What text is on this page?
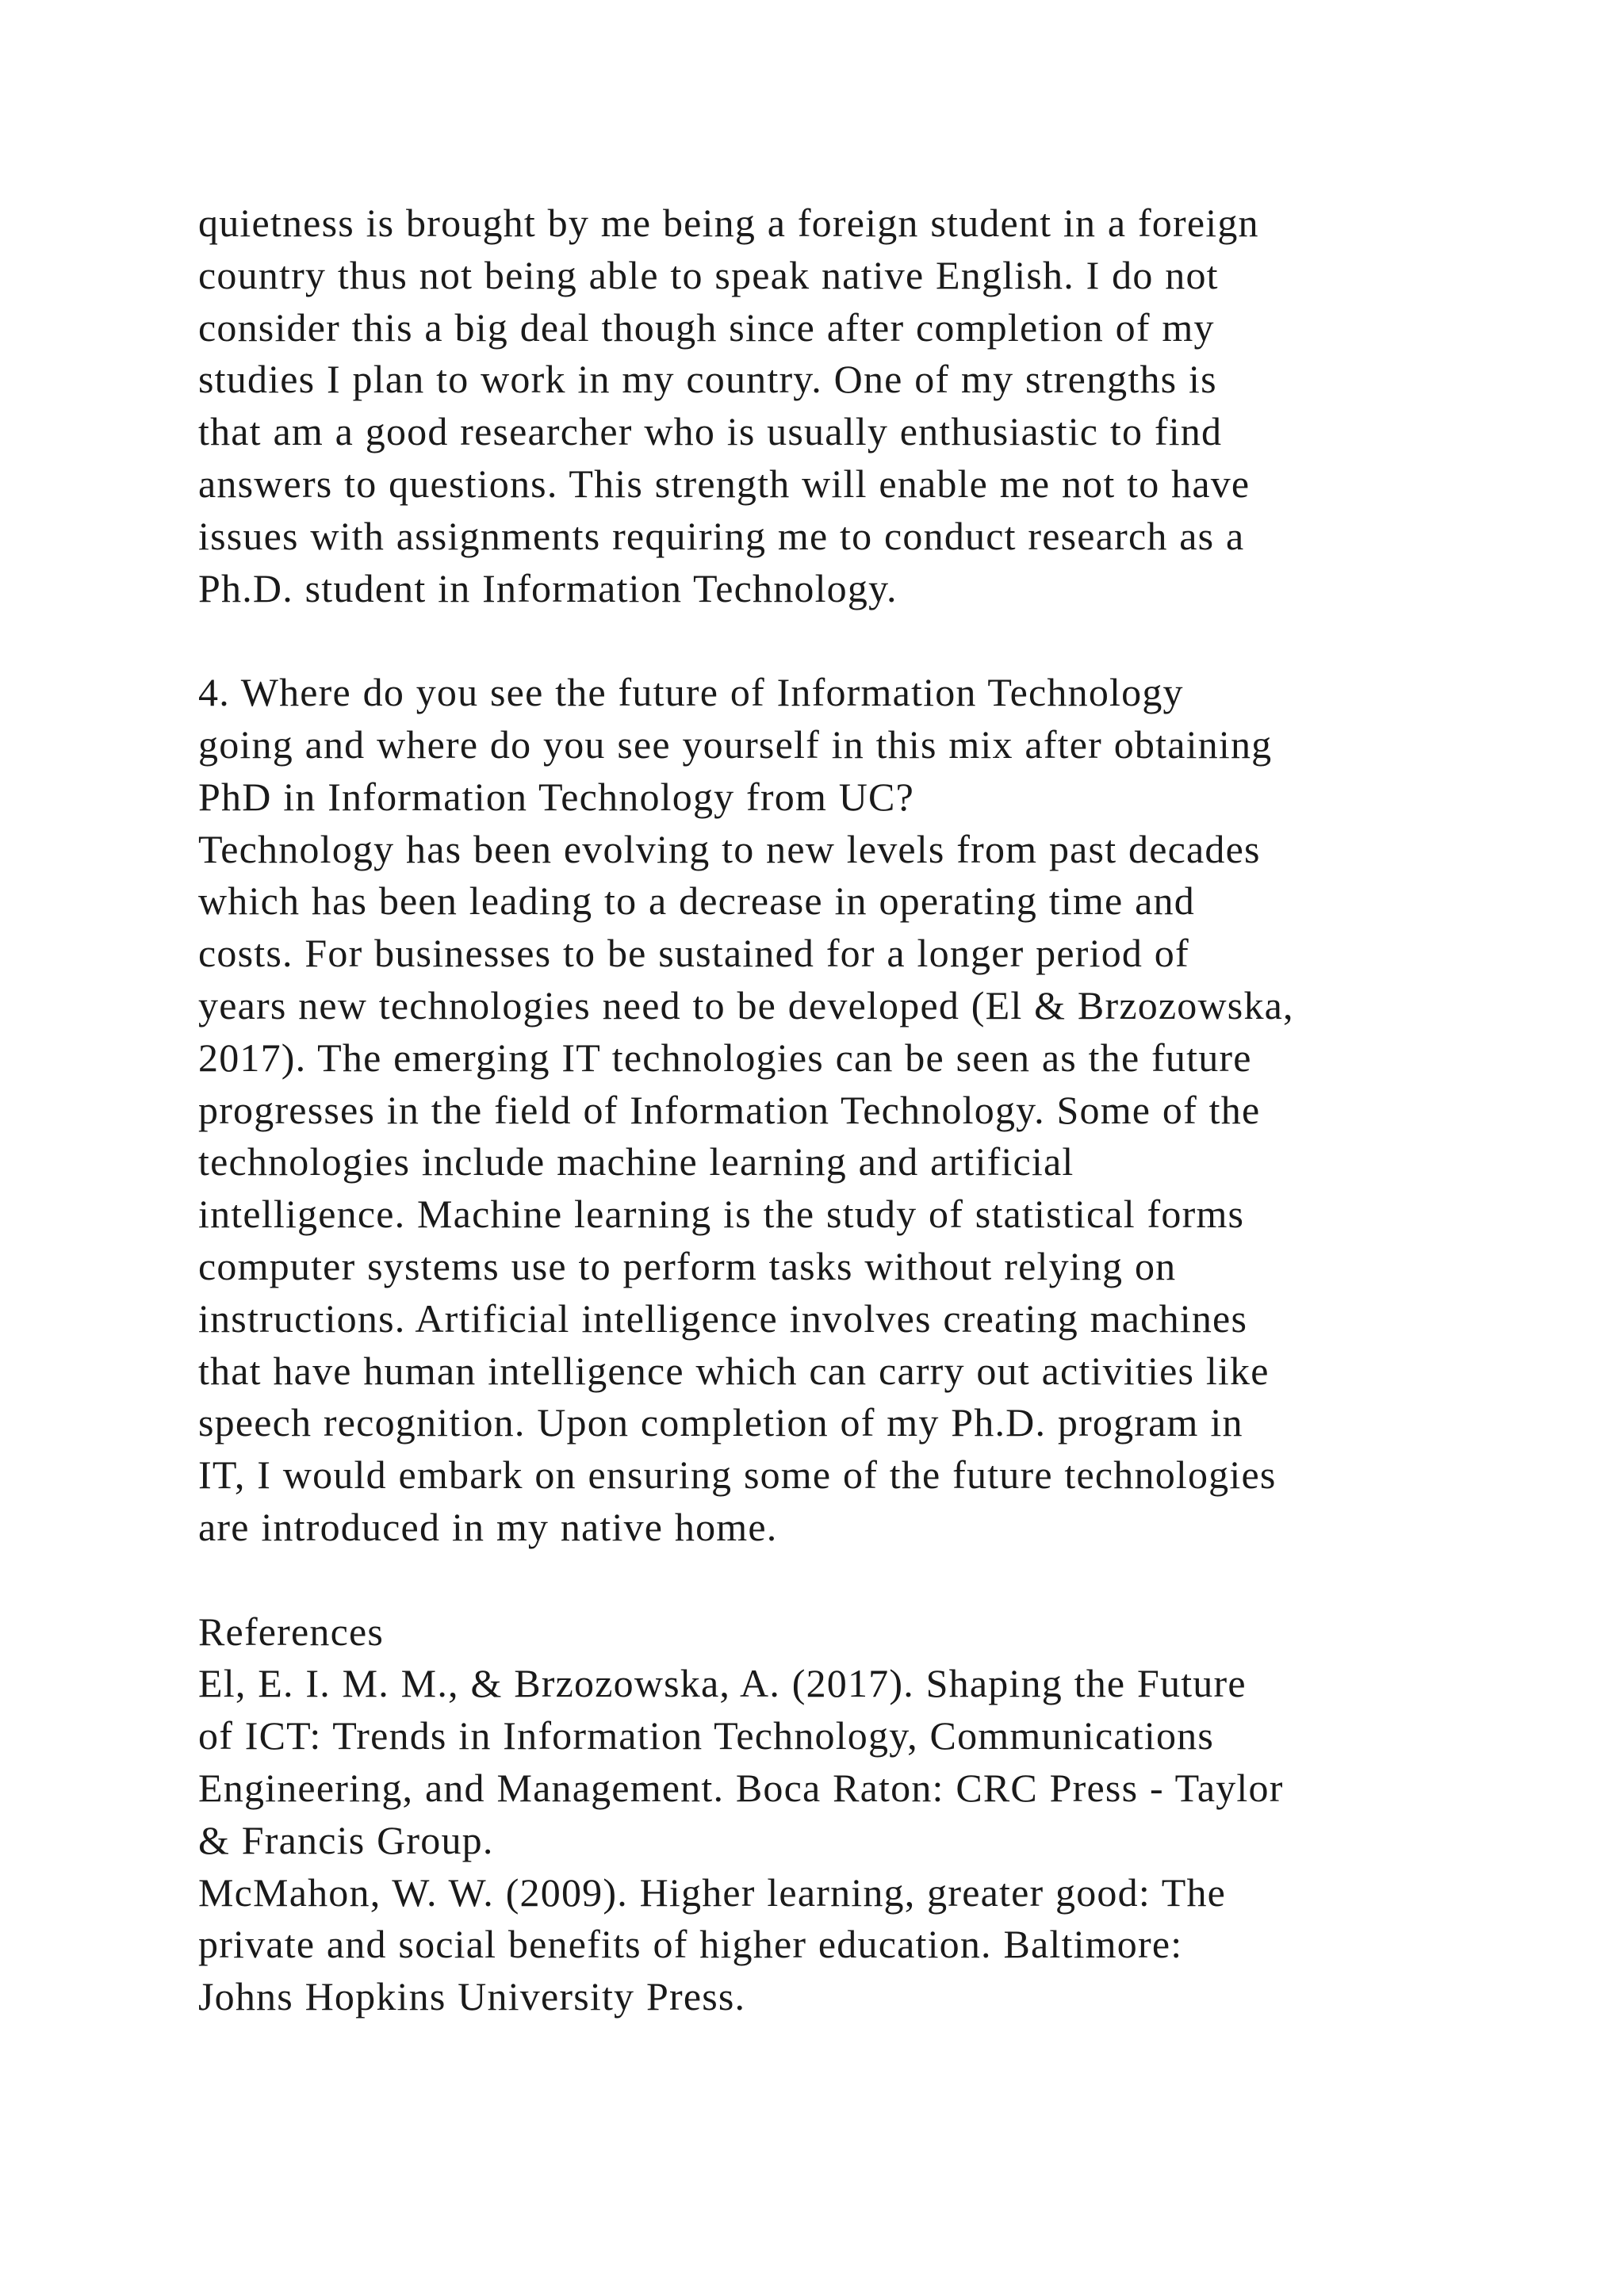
quietness is brought by me being a foreign student in a foreign
country thus not being able to speak native English. I do not
consider this a big deal though since after completion of my
studies I plan to work in my country. One of my strengths is
that am a good researcher who is usually enthusiastic to find
answers to questions. This strength will enable me not to have
issues with assignments requiring me to conduct research as a
Ph.D. student in Information Technology.
4. Where do you see the future of Information Technology
going and where do you see yourself in this mix after obtaining
PhD in Information Technology from UC?
Technology has been evolving to new levels from past decades
which has been leading to a decrease in operating time and
costs. For businesses to be sustained for a longer period of
years new technologies need to be developed (El & Brzozowska,
2017). The emerging IT technologies can be seen as the future
progresses in the field of Information Technology. Some of the
technologies include machine learning and artificial
intelligence. Machine learning is the study of statistical forms
computer systems use to perform tasks without relying on
instructions. Artificial intelligence involves creating machines
that have human intelligence which can carry out activities like
speech recognition. Upon completion of my Ph.D. program in
IT, I would embark on ensuring some of the future technologies
are introduced in my native home.
References
El, E. I. M. M., & Brzozowska, A. (2017). Shaping the Future
of ICT: Trends in Information Technology, Communications
Engineering, and Management. Boca Raton: CRC Press - Taylor
& Francis Group.
McMahon, W. W. (2009). Higher learning, greater good: The
private and social benefits of higher education. Baltimore:
Johns Hopkins University Press.
